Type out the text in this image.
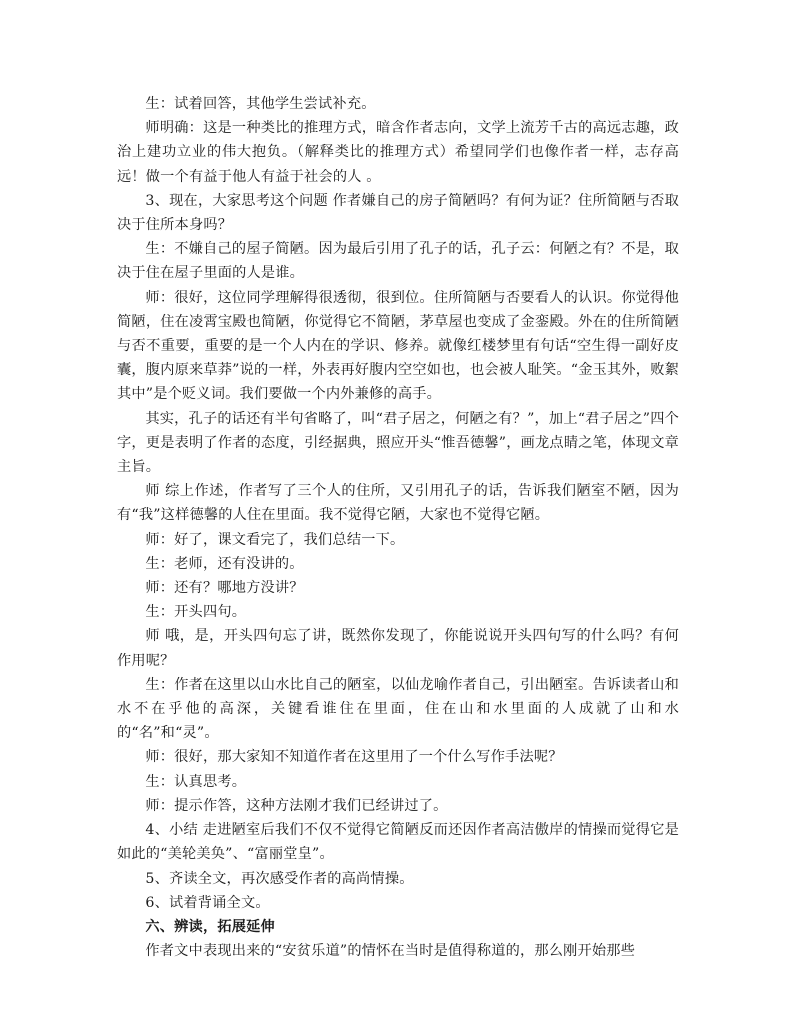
生：试着回答，其他学生尝试补充。

师明确：这是一种类比的推理方式，暗含作者志向，文学上流芳千古的高远志趣，政治上建功立业的伟大抱负。（解释类比的推理方式）希望同学们也像作者一样，志存高远！做一个有益于他人有益于社会的人 。

3、现在，大家思考这个问题 作者嫌自己的房子简陋吗？有何为证？住所简陋与否取决于住所本身吗？

生：不嫌自己的屋子简陋。因为最后引用了孔子的话，孔子云：何陋之有？不是，取决于住在屋子里面的人是谁。

师：很好，这位同学理解得很透彻，很到位。住所简陋与否要看人的认识。你觉得他简陋，住在凌霄宝殿也简陋，你觉得它不简陋，茅草屋也变成了金銮殿。外在的住所简陋与否不重要，重要的是一个人内在的学识、修养。就像红楼梦里有句话“空生得一副好皮囊，腹内原来草莽”说的一样，外表再好腹内空空如也，也会被人耻笑。“金玉其外，败絮其中”是个贬义词。我们要做一个内外兼修的高手。

其实，孔子的话还有半句省略了，叫“君子居之，何陋之有？”，加上“君子居之”四个字，更是表明了作者的态度，引经据典，照应开头“惟吾德馨”，画龙点睛之笔，体现文章主旨。

师 综上作述，作者写了三个人的住所，又引用孔子的话，告诉我们陋室不陋，因为有“我”这样德馨的人住在里面。我不觉得它陋，大家也不觉得它陋。

师：好了，课文看完了，我们总结一下。

生：老师，还有没讲的。

师：还有？哪地方没讲？

生：开头四句。

师 哦，是，开头四句忘了讲，既然你发现了，你能说说开头四句写的什么吗？有何作用呢？

生：作者在这里以山水比自己的陋室，以仙龙喻作者自己，引出陋室。告诉读者山和水不在乎他的高深，关键看谁住在里面，住在山和水里面的人成就了山和水的“名”和“灵”。

师：很好，那大家知不知道作者在这里用了一个什么写作手法呢？

生：认真思考。

师：提示作答，这种方法刚才我们已经讲过了。

4、小结 走进陋室后我们不仅不觉得它简陋反而还因作者高洁傲岸的情操而觉得它是如此的“美轮美奂”、“富丽堂皇”。

5、齐读全文，再次感受作者的高尚情操。

6、试着背诵全文。

六、辨读，拓展延伸

作者文中表现出来的“安贫乐道”的情怀在当时是值得称道的，那么刚开始那些
